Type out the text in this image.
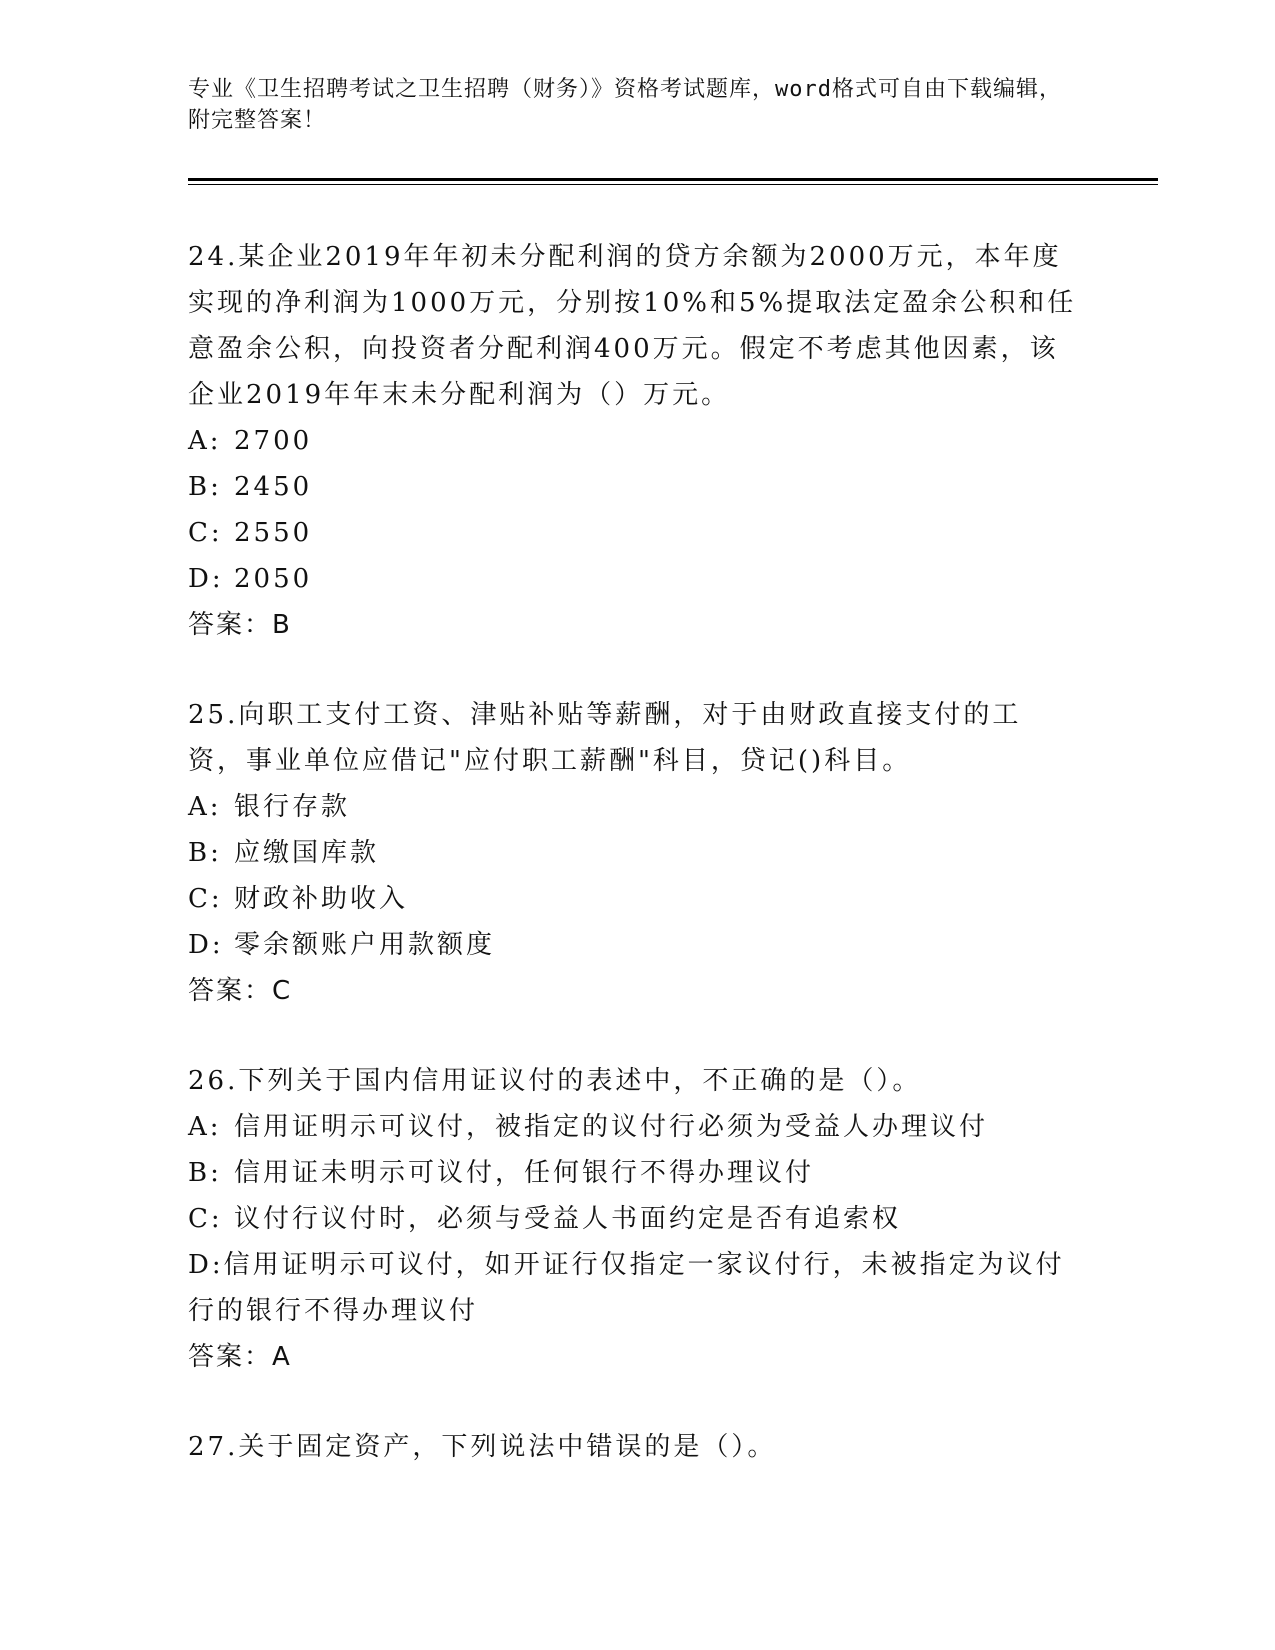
专业《卫生招聘考试之卫生招聘（财务）》资格考试题库，word格式可自由下载编辑，附完整答案！

24.某企业2019年年初未分配利润的贷方余额为2000万元，本年度实现的净利润为1000万元，分别按10%和5%提取法定盈余公积和任意盈余公积，向投资者分配利润400万元。假定不考虑其他因素，该企业2019年年末未分配利润为（）万元。

A: 2700

B: 2450

C: 2550

D: 2050

答案：B

25.向职工支付工资、津贴补贴等薪酬，对于由财政直接支付的工资，事业单位应借记"应付职工薪酬"科目，贷记()科目。

A: 银行存款

B: 应缴国库款

C: 财政补助收入

D: 零余额账户用款额度

答案：C

26.下列关于国内信用证议付的表述中，不正确的是（）。

A: 信用证明示可议付，被指定的议付行必须为受益人办理议付

B: 信用证未明示可议付，任何银行不得办理议付

C: 议付行议付时，必须与受益人书面约定是否有追索权

D:信用证明示可议付，如开证行仅指定一家议付行，未被指定为议付行的银行不得办理议付

答案：A

27.关于固定资产，下列说法中错误的是（）。
